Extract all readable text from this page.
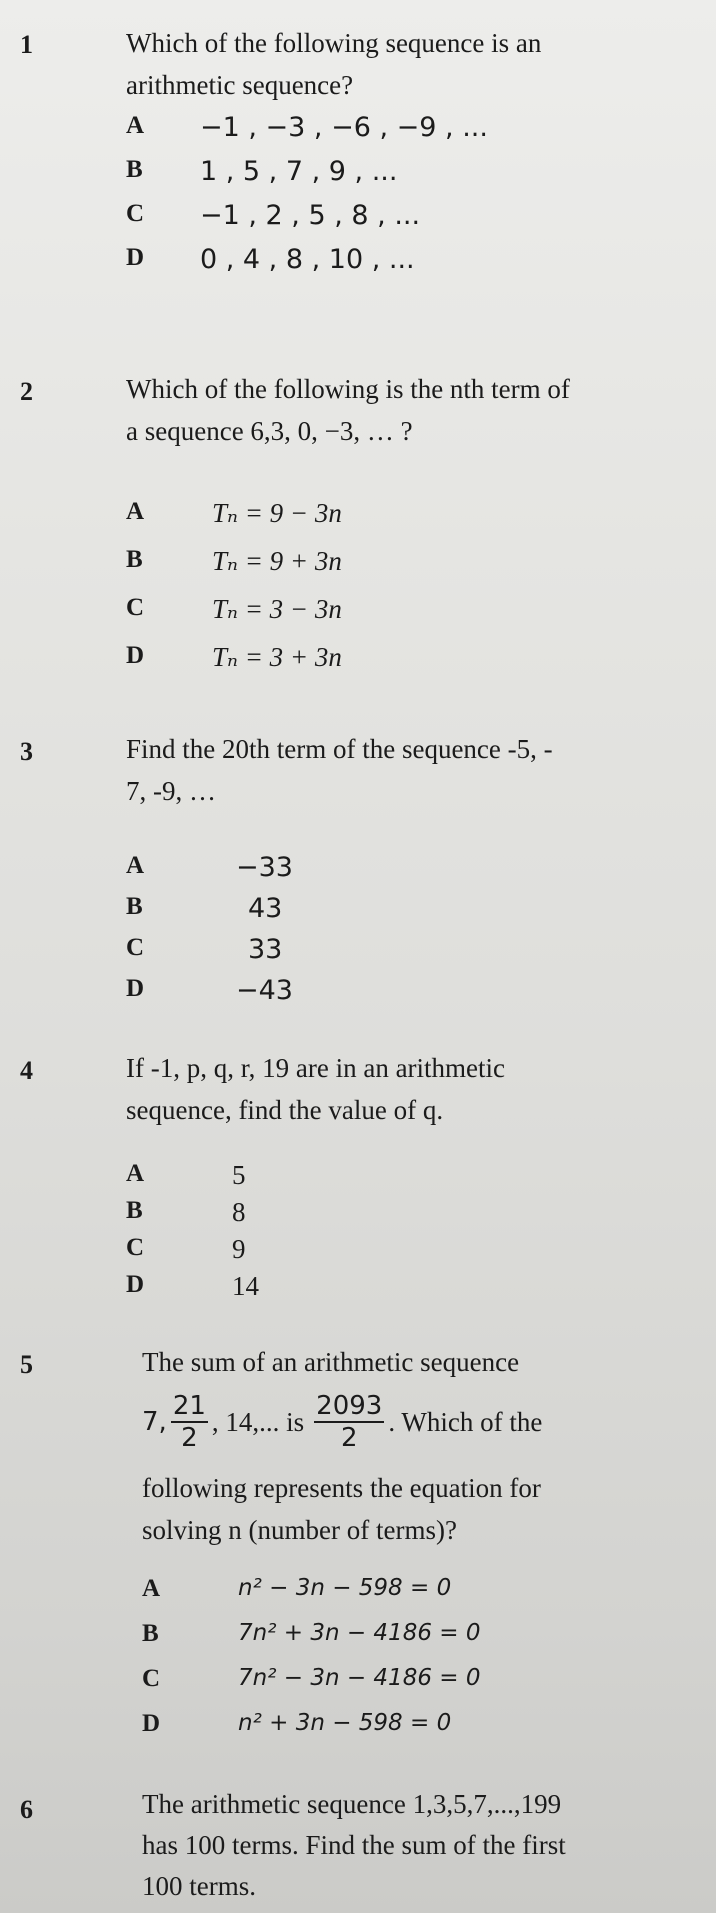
1	Which of the following sequence is an
arithmetic sequence?
A −1 , −3 , −6 , −9 , ...
B 1 , 5 , 7 , 9 , ...
C −1 , 2 , 5 , 8 , ...
D 0 , 4 , 8 , 10 , ...
2	Which of the following is the nth term of
a sequence 6,3, 0, −3, … ?
A	Tₙ = 9 − 3n
B	Tₙ = 9 + 3n
C	Tₙ = 3 − 3n
D	Tₙ = 3 + 3n
3	Find the 20th term of the sequence -5, -
7, -9, …
A	−33
B	43
C	33
D	−43
4	If -1, p, q, r, 19 are in an arithmetic
sequence, find the value of q.
A	5
B	8
C	9
D	14
5	The sum of an arithmetic sequence
7, $\frac{21}{2}$ , 14,... is $\frac{2093}{2}$ . Which of the
following represents the equation for
solving n (number of terms)?
A	n² − 3n − 598 = 0
B	7n² + 3n − 4186 = 0
C	7n² − 3n − 4186 = 0
D	n² + 3n − 598 = 0
6	The arithmetic sequence 1,3,5,7,...,199
has 100 terms. Find the sum of the first
100 terms.
